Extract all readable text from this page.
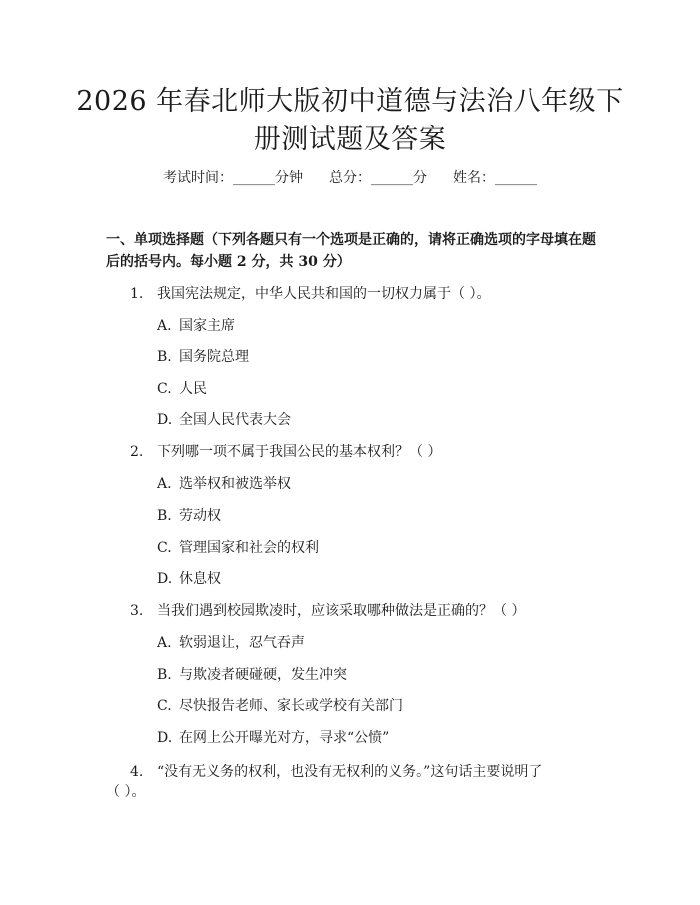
2026 年春北师大版初中道德与法治八年级下
册测试题及答案
考试时间：______分钟 总分：______分 姓名：______
一、单项选择题（下列各题只有一个选项是正确的，请将正确选项的字母填在题
后的括号内。每小题 2 分，共 30 分）
1. 我国宪法规定，中华人民共和国的一切权力属于（ ）。
A. 国家主席
B. 国务院总理
C. 人民
D. 全国人民代表大会
2. 下列哪一项不属于我国公民的基本权利？（ ）
A. 选举权和被选举权
B. 劳动权
C. 管理国家和社会的权利
D. 休息权
3. 当我们遇到校园欺凌时，应该采取哪种做法是正确的？（ ）
A. 软弱退让，忍气吞声
B. 与欺凌者硬碰硬，发生冲突
C. 尽快报告老师、家长或学校有关部门
D. 在网上公开曝光对方，寻求“公愤”
4. “没有无义务的权利，也没有无权利的义务。”这句话主要说明了
（ ）。
